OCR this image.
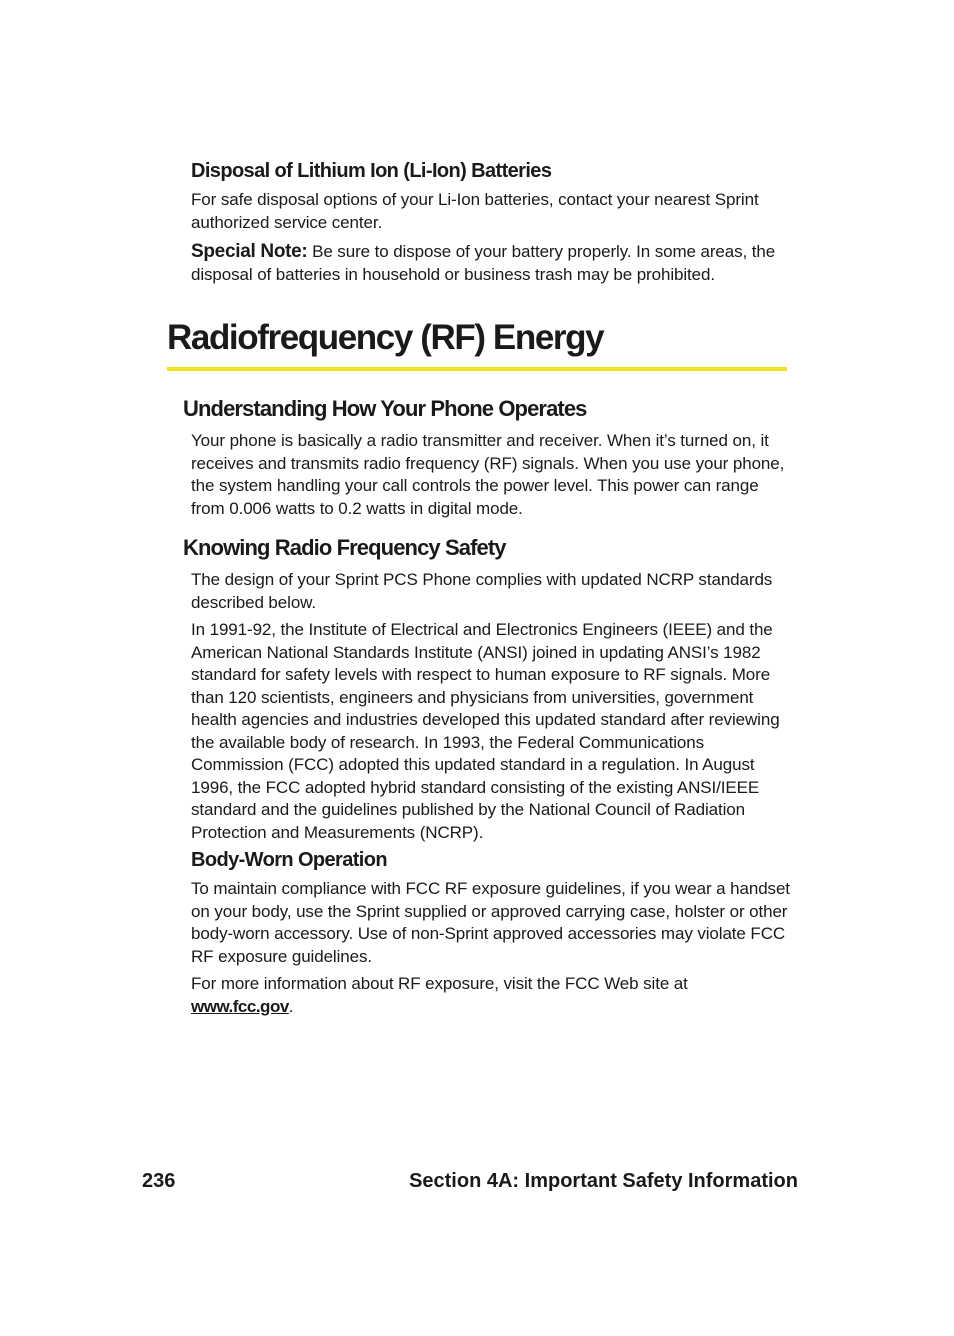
Disposal of Lithium Ion (Li-Ion) Batteries

For safe disposal options of your Li-Ion batteries, contact your nearest Sprint authorized service center.

Special Note: Be sure to dispose of your battery properly. In some areas, the disposal of batteries in household or business trash may be prohibited.

Radiofrequency (RF) Energy
Understanding How Your Phone Operates

Your phone is basically a radio transmitter and receiver. When it’s turned on, it receives and transmits radio frequency (RF) signals. When you use your phone, the system handling your call controls the power level. This power can range from 0.006 watts to 0.2 watts in digital mode.

Knowing Radio Frequency Safety

The design of your Sprint PCS Phone complies with updated NCRP standards described below.

In 1991-92, the Institute of Electrical and Electronics Engineers (IEEE) and the American National Standards Institute (ANSI) joined in updating ANSI’s 1982 standard for safety levels with respect to human exposure to RF signals. More than 120 scientists, engineers and physicians from universities, government health agencies and industries developed this updated standard after reviewing the available body of research. In 1993, the Federal Communications Commission (FCC) adopted this updated standard in a regulation. In August 1996, the FCC adopted hybrid standard consisting of the existing ANSI/IEEE standard and the guidelines published by the National Council of Radiation Protection and Measurements (NCRP).

Body-Worn Operation

To maintain compliance with FCC RF exposure guidelines, if you wear a handset on your body, use the Sprint supplied or approved carrying case, holster or other body-worn accessory. Use of non-Sprint approved accessories may violate FCC RF exposure guidelines.

For more information about RF exposure, visit the FCC Web site at www.fcc.gov.

236	Section 4A: Important Safety Information
